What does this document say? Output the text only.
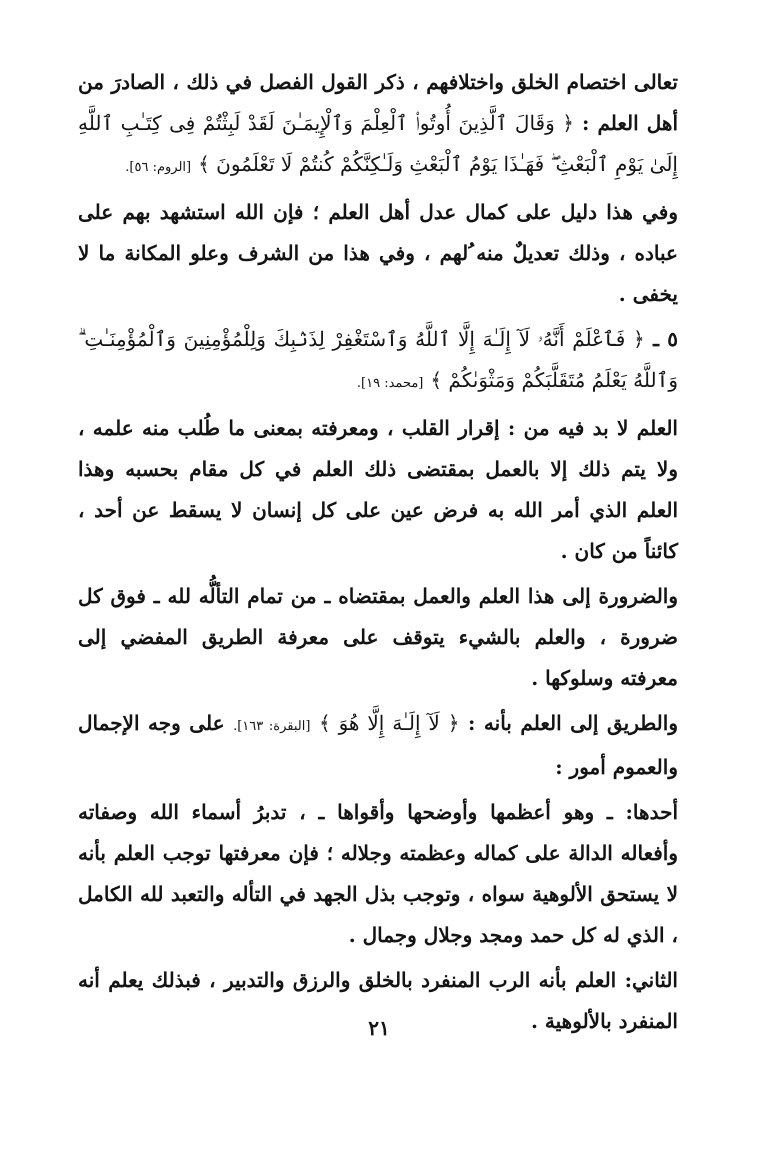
تعالى اختصام الخلق واختلافهم ، ذكر القول الفصل في ذلك ، الصادرَ من أهل العلم : ﴿ وَقَالَ ٱلَّذِينَ أُوتُوا۟ ٱلْعِلْمَ وَٱلْإِيمَـٰنَ لَقَدْ لَبِثْتُمْ فِى كِتَـٰبِ ٱللَّهِ إِلَىٰ يَوْمِ ٱلْبَعْثِ ۖ فَهَـٰذَا يَوْمُ ٱلْبَعْثِ وَلَـٰكِنَّكُمْ كُنتُمْ لَا تَعْلَمُونَ ﴾ [الروم: ٥٦].

وفي هذا دليل على كمال عدل أهل العلم ؛ فإن الله استشهد بهم على عباده ، وذلك تعديلٌ منه ُلهم ، وفي هذا من الشرف وعلو المكانة ما لا يخفى .

٥ ـ ﴿ فَٱعْلَمْ أَنَّهُۥ لَآ إِلَـٰهَ إِلَّا ٱللَّهُ وَٱسْتَغْفِرْ لِذَنۢبِكَ وَلِلْمُؤْمِنِينَ وَٱلْمُؤْمِنَـٰتِ ۗ وَٱللَّهُ يَعْلَمُ مُتَقَلَّبَكُمْ وَمَثْوَىٰكُمْ ﴾ [محمد: ١٩].

العلم لا بد فيه من : إقرار القلب ، ومعرفته بمعنى ما طُلب منه علمه ، ولا يتم ذلك إلا بالعمل بمقتضى ذلك العلم في كل مقام بحسبه وهذا العلم الذي أمر الله به فرض عين على كل إنسان لا يسقط عن أحد ، كائناً من كان .

والضرورة إلى هذا العلم والعمل بمقتضاه ـ من تمام التألُّه لله ـ فوق كل ضرورة ، والعلم بالشيء يتوقف على معرفة الطريق المفضي إلى معرفته وسلوكها .

والطريق إلى العلم بأنه : ﴿ لَآ إِلَـٰهَ إِلَّا هُوَ ﴾ [البقرة: ١٦٣]. على وجه الإجمال والعموم أمور :

أحدها: ـ وهو أعظمها وأوضحها وأقواها ـ ، تدبرُ أسماء الله وصفاته وأفعاله الدالة على كماله وعظمته وجلاله ؛ فإن معرفتها توجب العلم بأنه لا يستحق الألوهية سواه ، وتوجب بذل الجهد في التأله والتعبد لله الكامل ، الذي له كل حمد ومجد وجلال وجمال .

الثاني: العلم بأنه الرب المنفرد بالخلق والرزق والتدبير ، فبذلك يعلم أنه المنفرد بالألوهية .

٢١
